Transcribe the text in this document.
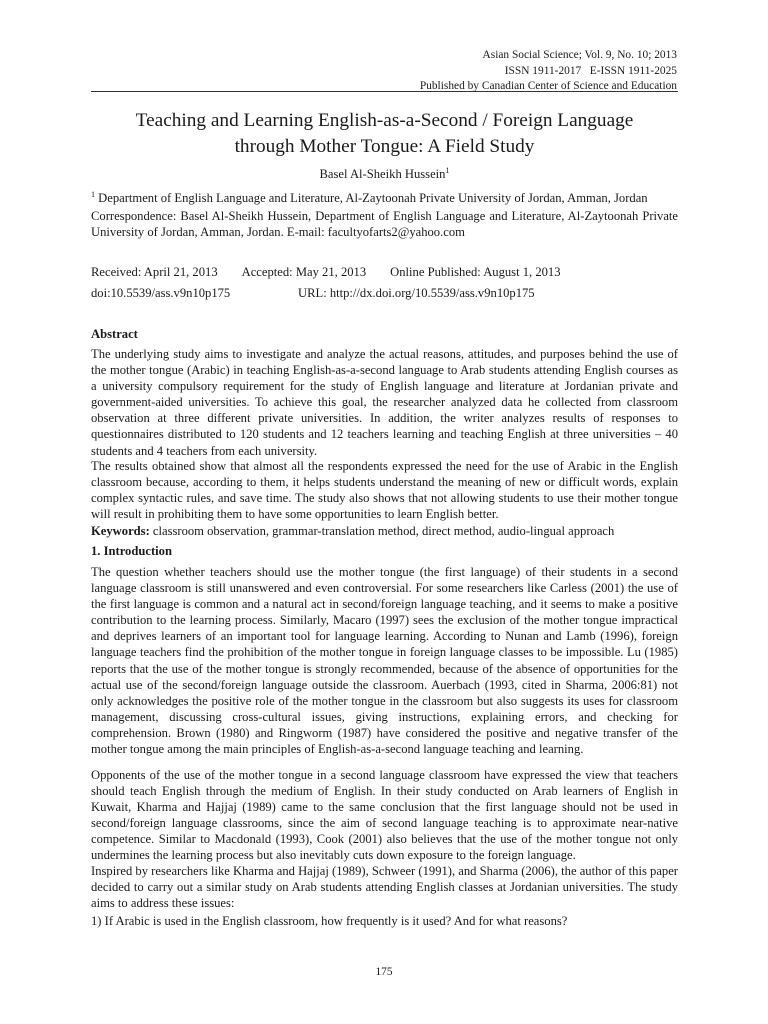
Asian Social Science; Vol. 9, No. 10; 2013
ISSN 1911-2017   E-ISSN 1911-2025
Published by Canadian Center of Science and Education
Teaching and Learning English-as-a-Second / Foreign Language
through Mother Tongue: A Field Study
Basel Al-Sheikh Hussein$^1$
$^1$ Department of English Language and Literature, Al-Zaytoonah Private University of Jordan, Amman, Jordan
Correspondence: Basel Al-Sheikh Hussein, Department of English Language and Literature, Al-Zaytoonah Private University of Jordan, Amman, Jordan. E-mail: facultyofarts2@yahoo.com
Received: April 21, 2013 Accepted: May 21, 2013 Online Published: August 1, 2013
doi:10.5539/ass.v9n10p175	URL: http://dx.doi.org/10.5539/ass.v9n10p175
Abstract
The underlying study aims to investigate and analyze the actual reasons, attitudes, and purposes behind the use of the mother tongue (Arabic) in teaching English-as-a-second language to Arab students attending English courses as a university compulsory requirement for the study of English language and literature at Jordanian private and government-aided universities. To achieve this goal, the researcher analyzed data he collected from classroom observation at three different private universities. In addition, the writer analyzes results of responses to questionnaires distributed to 120 students and 12 teachers learning and teaching English at three universities – 40 students and 4 teachers from each university.
The results obtained show that almost all the respondents expressed the need for the use of Arabic in the English classroom because, according to them, it helps students understand the meaning of new or difficult words, explain complex syntactic rules, and save time. The study also shows that not allowing students to use their mother tongue will result in prohibiting them to have some opportunities to learn English better.
Keywords: classroom observation, grammar-translation method, direct method, audio-lingual approach
1. Introduction
The question whether teachers should use the mother tongue (the first language) of their students in a second language classroom is still unanswered and even controversial. For some researchers like Carless (2001) the use of the first language is common and a natural act in second/foreign language teaching, and it seems to make a positive contribution to the learning process. Similarly, Macaro (1997) sees the exclusion of the mother tongue impractical and deprives learners of an important tool for language learning. According to Nunan and Lamb (1996), foreign language teachers find the prohibition of the mother tongue in foreign language classes to be impossible. Lu (1985) reports that the use of the mother tongue is strongly recommended, because of the absence of opportunities for the actual use of the second/foreign language outside the classroom. Auerbach (1993, cited in Sharma, 2006:81) not only acknowledges the positive role of the mother tongue in the classroom but also suggests its uses for classroom management, discussing cross-cultural issues, giving instructions, explaining errors, and checking for comprehension. Brown (1980) and Ringworm (1987) have considered the positive and negative transfer of the mother tongue among the main principles of English-as-a-second language teaching and learning.
Opponents of the use of the mother tongue in a second language classroom have expressed the view that teachers should teach English through the medium of English. In their study conducted on Arab learners of English in Kuwait, Kharma and Hajjaj (1989) came to the same conclusion that the first language should not be used in second/foreign language classrooms, since the aim of second language teaching is to approximate near-native competence. Similar to Macdonald (1993), Cook (2001) also believes that the use of the mother tongue not only undermines the learning process but also inevitably cuts down exposure to the foreign language.
Inspired by researchers like Kharma and Hajjaj (1989), Schweer (1991), and Sharma (2006), the author of this paper decided to carry out a similar study on Arab students attending English classes at Jordanian universities. The study aims to address these issues:
1) If Arabic is used in the English classroom, how frequently is it used? And for what reasons?
175
